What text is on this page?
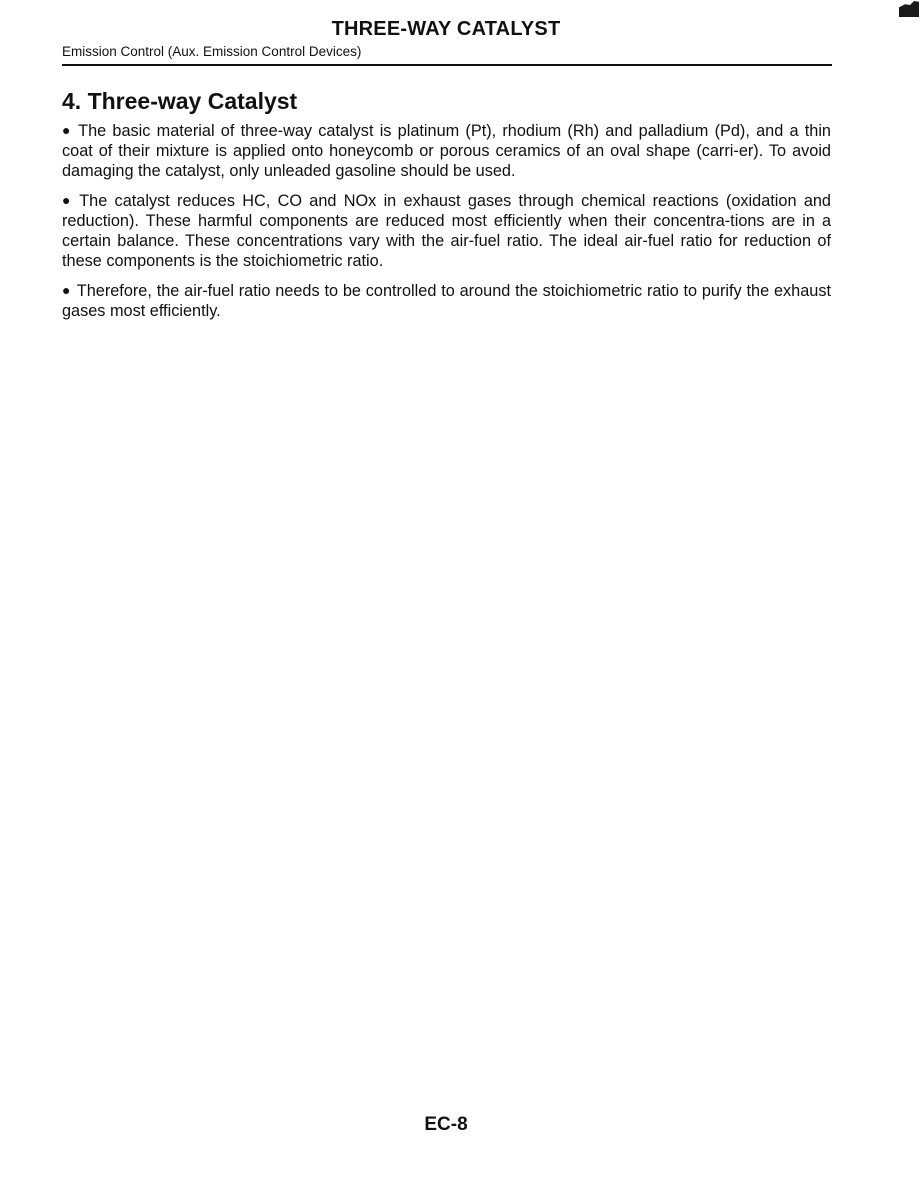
THREE-WAY CATALYST
Emission Control (Aux. Emission Control Devices)
4. Three-way Catalyst

● The basic material of three-way catalyst is platinum (Pt), rhodium (Rh) and palladium (Pd), and a thin coat of their mixture is applied onto honeycomb or porous ceramics of an oval shape (carri-er). To avoid damaging the catalyst, only unleaded gasoline should be used.

● The catalyst reduces HC, CO and NOx in exhaust gases through chemical reactions (oxidation and reduction). These harmful components are reduced most efficiently when their concentra-tions are in a certain balance. These concentrations vary with the air-fuel ratio. The ideal air-fuel ratio for reduction of these components is the stoichiometric ratio.

● Therefore, the air-fuel ratio needs to be controlled to around the stoichiometric ratio to purify the exhaust gases most efficiently.

EC-8
